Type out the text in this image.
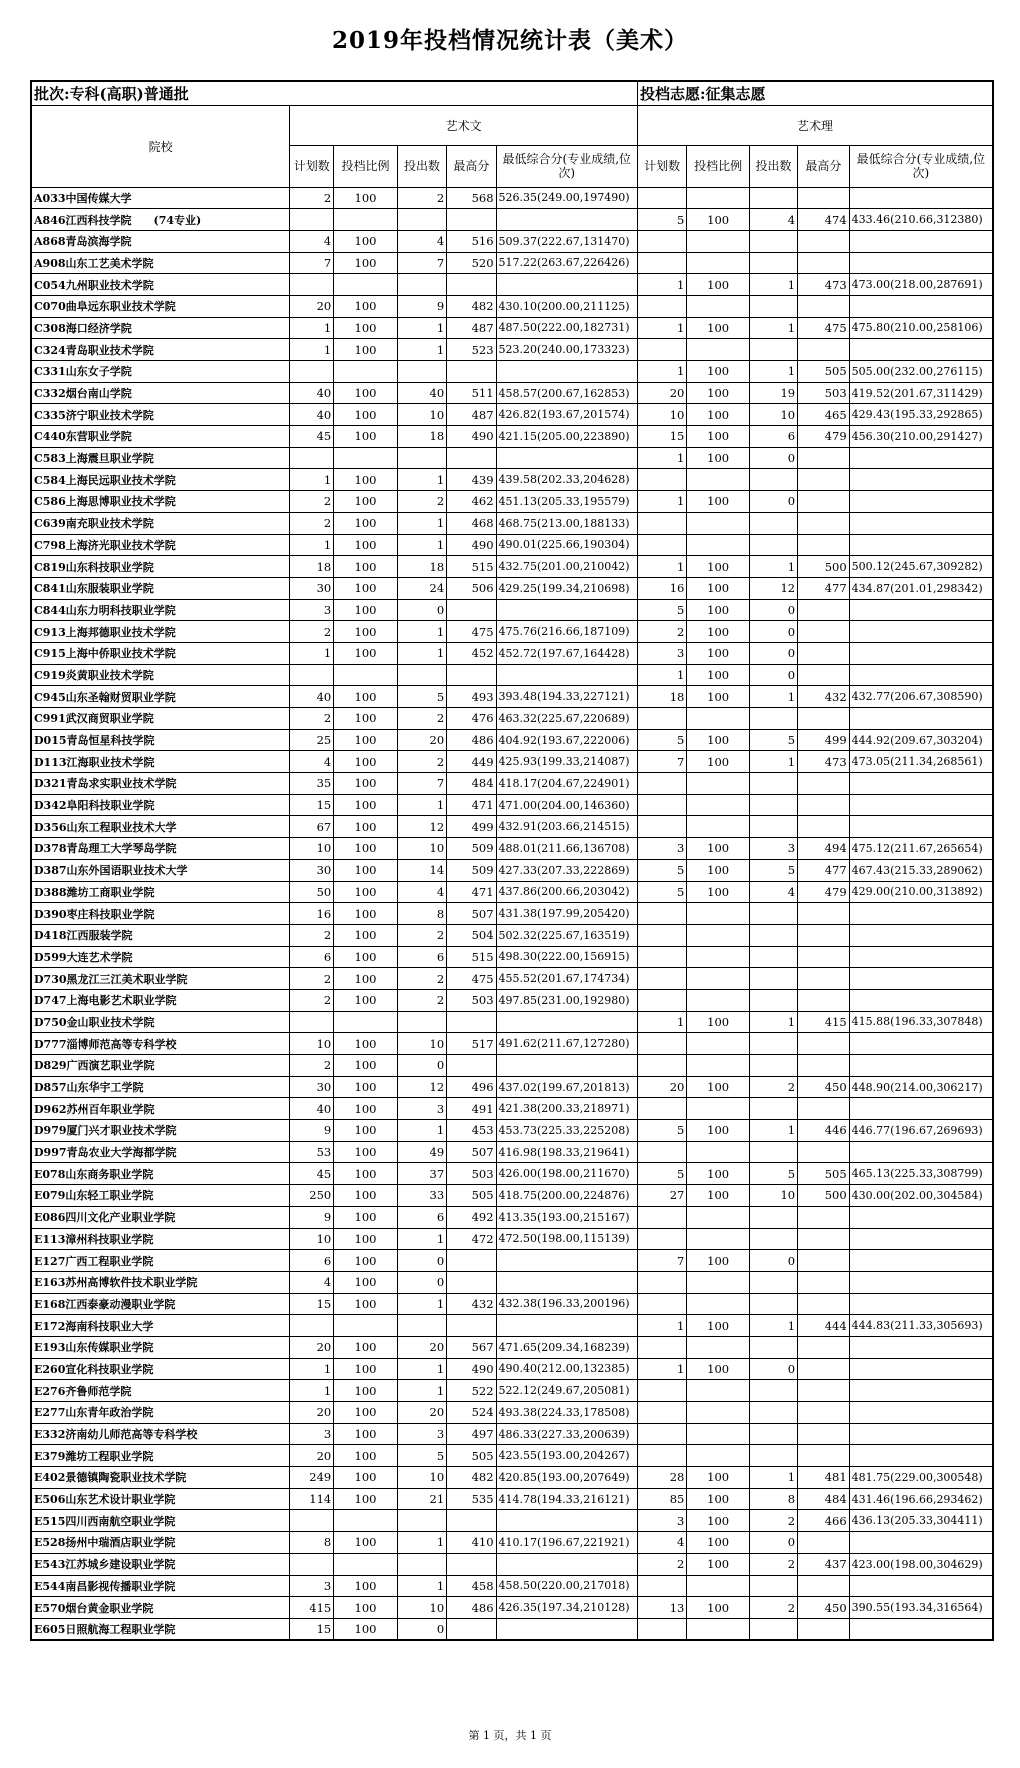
2019年投档情况统计表（美术）
批次:专科(高职)普通批						投档志愿:征集志愿				
院校	艺术文					艺术理				
	计划数	投档比例	投出数	最高分	最低综合分(专业成绩,位次)	计划数	投档比例	投出数	最高分	最低综合分(专业成绩,位次)
A033中国传媒大学	2	100	2	568	526.35(249.00,197490)					
A846江西科技学院　　(74专业)						5	100	4	474	433.46(210.66,312380)
A868青岛滨海学院	4	100	4	516	509.37(222.67,131470)					
A908山东工艺美术学院	7	100	7	520	517.22(263.67,226426)					
C054九州职业技术学院						1	100	1	473	473.00(218.00,287691)
C070曲阜远东职业技术学院	20	100	9	482	430.10(200.00,211125)					
C308海口经济学院	1	100	1	487	487.50(222.00,182731)	1	100	1	475	475.80(210.00,258106)
C324青岛职业技术学院	1	100	1	523	523.20(240.00,173323)					
C331山东女子学院						1	100	1	505	505.00(232.00,276115)
C332烟台南山学院	40	100	40	511	458.57(200.67,162853)	20	100	19	503	419.52(201.67,311429)
C335济宁职业技术学院	40	100	10	487	426.82(193.67,201574)	10	100	10	465	429.43(195.33,292865)
C440东营职业学院	45	100	18	490	421.15(205.00,223890)	15	100	6	479	456.30(210.00,291427)
C583上海震旦职业学院						1	100	0		
C584上海民远职业技术学院	1	100	1	439	439.58(202.33,204628)					
C586上海思博职业技术学院	2	100	2	462	451.13(205.33,195579)	1	100	0		
C639南充职业技术学院	2	100	1	468	468.75(213.00,188133)					
C798上海济光职业技术学院	1	100	1	490	490.01(225.66,190304)					
C819山东科技职业学院	18	100	18	515	432.75(201.00,210042)	1	100	1	500	500.12(245.67,309282)
C841山东服装职业学院	30	100	24	506	429.25(199.34,210698)	16	100	12	477	434.87(201.01,298342)
C844山东力明科技职业学院	3	100	0			5	100	0		
C913上海邦德职业技术学院	2	100	1	475	475.76(216.66,187109)	2	100	0		
C915上海中侨职业技术学院	1	100	1	452	452.72(197.67,164428)	3	100	0		
C919炎黄职业技术学院						1	100	0		
C945山东圣翰财贸职业学院	40	100	5	493	393.48(194.33,227121)	18	100	1	432	432.77(206.67,308590)
C991武汉商贸职业学院	2	100	2	476	463.32(225.67,220689)					
D015青岛恒星科技学院	25	100	20	486	404.92(193.67,222006)	5	100	5	499	444.92(209.67,303204)
D113江海职业技术学院	4	100	2	449	425.93(199.33,214087)	7	100	1	473	473.05(211.34,268561)
D321青岛求实职业技术学院	35	100	7	484	418.17(204.67,224901)					
D342阜阳科技职业学院	15	100	1	471	471.00(204.00,146360)					
D356山东工程职业技术大学	67	100	12	499	432.91(203.66,214515)					
D378青岛理工大学琴岛学院	10	100	10	509	488.01(211.66,136708)	3	100	3	494	475.12(211.67,265654)
D387山东外国语职业技术大学	30	100	14	509	427.33(207.33,222869)	5	100	5	477	467.43(215.33,289062)
D388潍坊工商职业学院	50	100	4	471	437.86(200.66,203042)	5	100	4	479	429.00(210.00,313892)
D390枣庄科技职业学院	16	100	8	507	431.38(197.99,205420)					
D418江西服装学院	2	100	2	504	502.32(225.67,163519)					
D599大连艺术学院	6	100	6	515	498.30(222.00,156915)					
D730黑龙江三江美术职业学院	2	100	2	475	455.52(201.67,174734)					
D747上海电影艺术职业学院	2	100	2	503	497.85(231.00,192980)					
D750金山职业技术学院						1	100	1	415	415.88(196.33,307848)
D777淄博师范高等专科学校	10	100	10	517	491.62(211.67,127280)					
D829广西演艺职业学院	2	100	0							
D857山东华宇工学院	30	100	12	496	437.02(199.67,201813)	20	100	2	450	448.90(214.00,306217)
D962苏州百年职业学院	40	100	3	491	421.38(200.33,218971)					
D979厦门兴才职业技术学院	9	100	1	453	453.73(225.33,225208)	5	100	1	446	446.77(196.67,269693)
D997青岛农业大学海都学院	53	100	49	507	416.98(198.33,219641)					
E078山东商务职业学院	45	100	37	503	426.00(198.00,211670)	5	100	5	505	465.13(225.33,308799)
E079山东轻工职业学院	250	100	33	505	418.75(200.00,224876)	27	100	10	500	430.00(202.00,304584)
E086四川文化产业职业学院	9	100	6	492	413.35(193.00,215167)					
E113漳州科技职业学院	10	100	1	472	472.50(198.00,115139)					
E127广西工程职业学院	6	100	0			7	100	0		
E163苏州高博软件技术职业学院	4	100	0							
E168江西泰豪动漫职业学院	15	100	1	432	432.38(196.33,200196)					
E172海南科技职业大学						1	100	1	444	444.83(211.33,305693)
E193山东传媒职业学院	20	100	20	567	471.65(209.34,168239)					
E260宣化科技职业学院	1	100	1	490	490.40(212.00,132385)	1	100	0		
E276齐鲁师范学院	1	100	1	522	522.12(249.67,205081)					
E277山东青年政治学院	20	100	20	524	493.38(224.33,178508)					
E332济南幼儿师范高等专科学校	3	100	3	497	486.33(227.33,200639)					
E379潍坊工程职业学院	20	100	5	505	423.55(193.00,204267)					
E402景德镇陶瓷职业技术学院	249	100	10	482	420.85(193.00,207649)	28	100	1	481	481.75(229.00,300548)
E506山东艺术设计职业学院	114	100	21	535	414.78(194.33,216121)	85	100	8	484	431.46(196.66,293462)
E515四川西南航空职业学院						3	100	2	466	436.13(205.33,304411)
E528扬州中瑞酒店职业学院	8	100	1	410	410.17(196.67,221921)	4	100	0		
E543江苏城乡建设职业学院						2	100	2	437	423.00(198.00,304629)
E544南昌影视传播职业学院	3	100	1	458	458.50(220.00,217018)					
E570烟台黄金职业学院	415	100	10	486	426.35(197.34,210128)	13	100	2	450	390.55(193.34,316564)
E605日照航海工程职业学院	15	100	0							
第 1 页，共 1 页
